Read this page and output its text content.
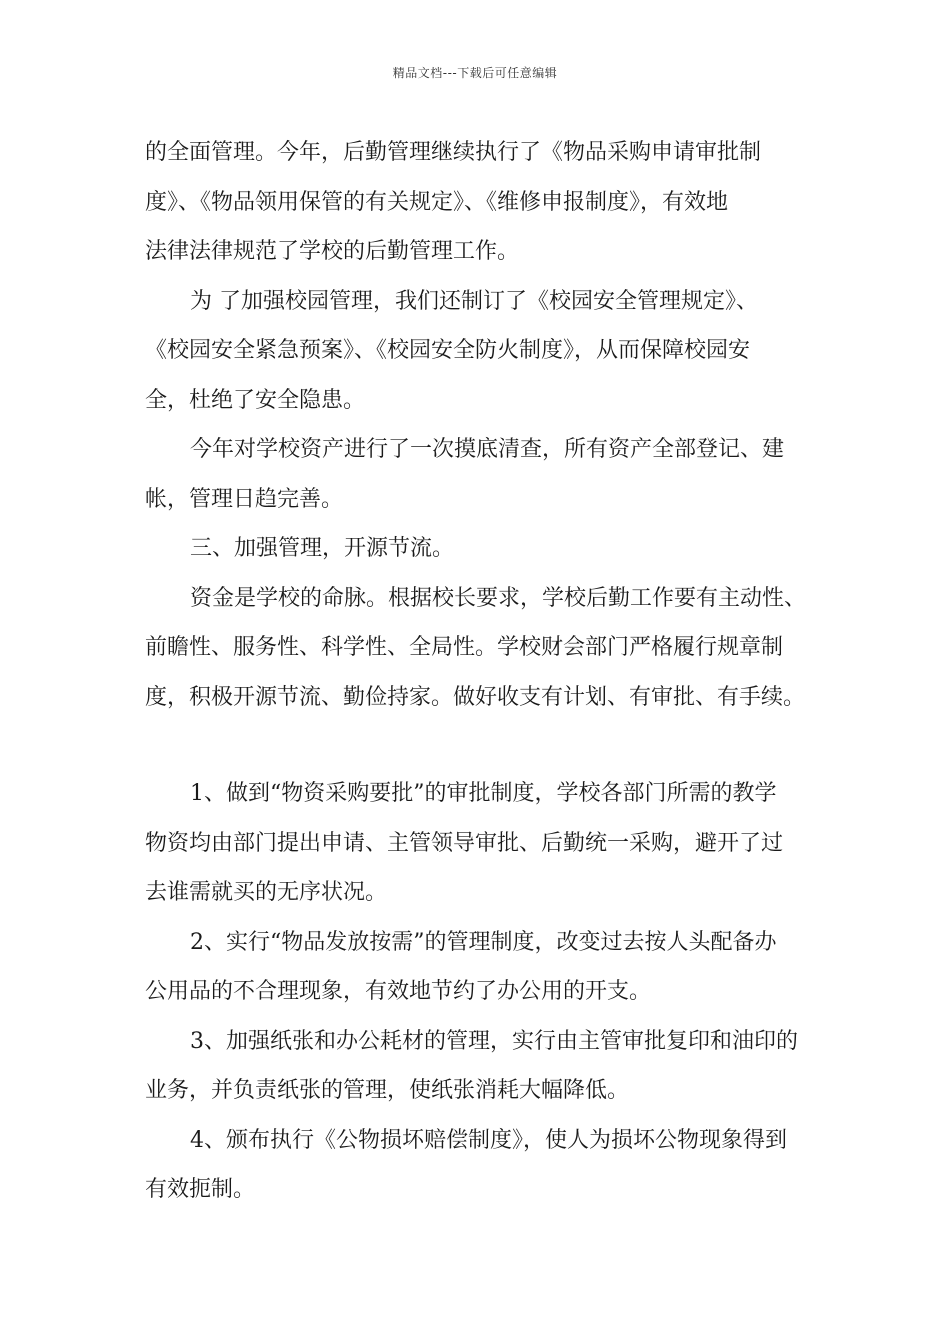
精品文档---下载后可任意编辑
的全面管理。今年，后勤管理继续执行了《物品采购申请审批制
度》、《物品领用保管的有关规定》、《维修申报制度》，有效地
法律法律规范了学校的后勤管理工作。
为 了加强校园管理，我们还制订了《校园安全管理规定》、
《校园安全紧急预案》、《校园安全防火制度》，从而保障校园安
全，杜绝了安全隐患。
今年对学校资产进行了一次摸底清查，所有资产全部登记、建
帐，管理日趋完善。
三、加强管理，开源节流。
资金是学校的命脉。根据校长要求，学校后勤工作要有主动性、
前瞻性、服务性、科学性、全局性。学校财会部门严格履行规章制
度，积极开源节流、勤俭持家。做好收支有计划、有审批、有手续。
1、做到“物资采购要批”的审批制度，学校各部门所需的教学
物资均由部门提出申请、主管领导审批、后勤统一采购，避开了过
去谁需就买的无序状况。
2、实行“物品发放按需”的管理制度，改变过去按人头配备办
公用品的不合理现象，有效地节约了办公用的开支。
3、加强纸张和办公耗材的管理，实行由主管审批复印和油印的
业务，并负责纸张的管理，使纸张消耗大幅降低。
4、颁布执行《公物损坏赔偿制度》，使人为损坏公物现象得到
有效扼制。
